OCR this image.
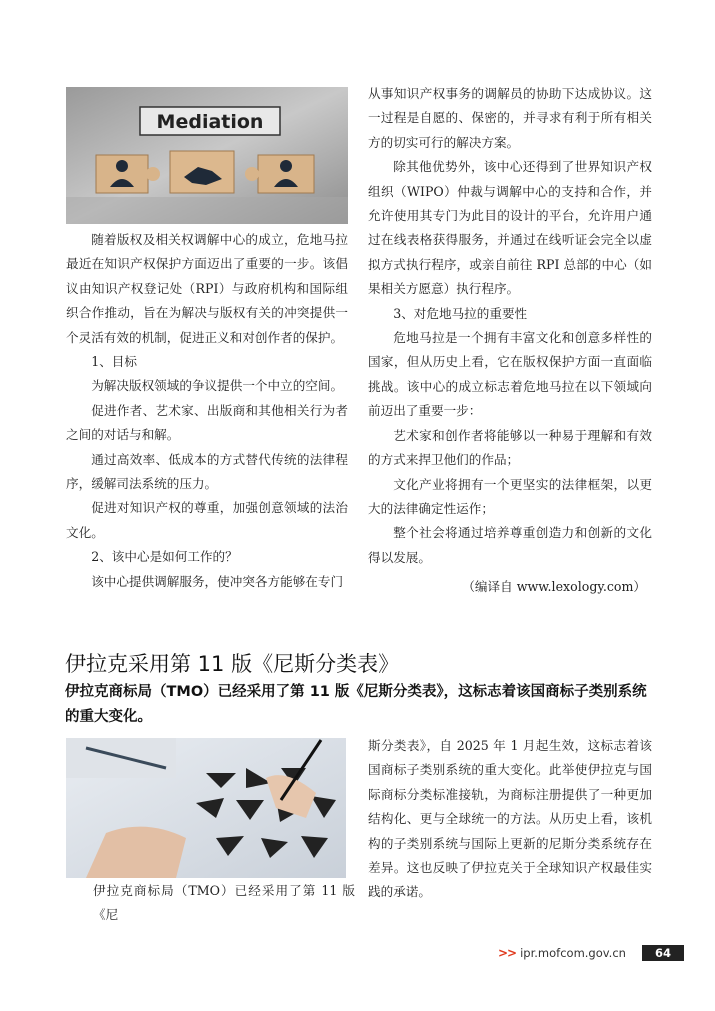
Mediation

随着版权及相关权调解中心的成立，危地马拉最近在知识产权保护方面迈出了重要的一步。该倡议由知识产权登记处（RPI）与政府机构和国际组织合作推动，旨在为解决与版权有关的冲突提供一个灵活有效的机制，促进正义和对创作者的保护。

1、目标

为解决版权领域的争议提供一个中立的空间。

促进作者、艺术家、出版商和其他相关行为者之间的对话与和解。

通过高效率、低成本的方式替代传统的法律程序，缓解司法系统的压力。

促进对知识产权的尊重，加强创意领域的法治文化。

2、该中心是如何工作的？

该中心提供调解服务，使冲突各方能够在专门

从事知识产权事务的调解员的协助下达成协议。这一过程是自愿的、保密的，并寻求有利于所有相关方的切实可行的解决方案。

除其他优势外，该中心还得到了世界知识产权组织（WIPO）仲裁与调解中心的支持和合作，并允许使用其专门为此目的设计的平台，允许用户通过在线表格获得服务，并通过在线听证会完全以虚拟方式执行程序，或亲自前往 RPI 总部的中心（如果相关方愿意）执行程序。

3、对危地马拉的重要性

危地马拉是一个拥有丰富文化和创意多样性的国家，但从历史上看，它在版权保护方面一直面临挑战。该中心的成立标志着危地马拉在以下领域向前迈出了重要一步：

艺术家和创作者将能够以一种易于理解和有效的方式来捍卫他们的作品；

文化产业将拥有一个更坚实的法律框架，以更大的法律确定性运作；

整个社会将通过培养尊重创造力和创新的文化得以发展。

（编译自 www.lexology.com）
伊拉克采用第 11 版《尼斯分类表》
伊拉克商标局（TMO）已经采用了第 11 版《尼斯分类表》，这标志着该国商标子类别系统的重大变化。

伊拉克商标局（TMO）已经采用了第 11 版《尼

斯分类表》，自 2025 年 1 月起生效，这标志着该国商标子类别系统的重大变化。此举使伊拉克与国际商标分类标准接轨，为商标注册提供了一种更加结构化、更与全球统一的方法。从历史上看，该机构的子类别系统与国际上更新的尼斯分类系统存在差异。这也反映了伊拉克关于全球知识产权最佳实践的承诺。

>> ipr.mofcom.gov.cn	64
